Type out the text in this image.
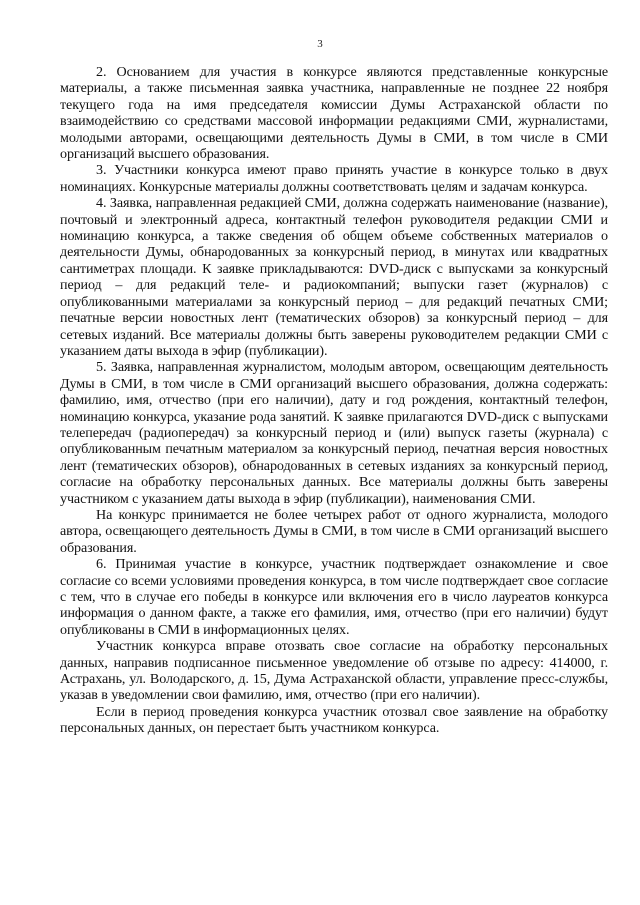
3

2. Основанием для участия в конкурсе являются представленные конкурсные материалы, а также письменная заявка участника, направленные не позднее 22 ноября текущего года на имя председателя комиссии Думы Астраханской области по взаимодействию со средствами массовой информации редакциями СМИ, журналистами, молодыми авторами, освещающими деятельность Думы в СМИ, в том числе в СМИ организаций высшего образования.

3. Участники конкурса имеют право принять участие в конкурсе только в двух номинациях. Конкурсные материалы должны соответствовать целям и задачам конкурса.

4. Заявка, направленная редакцией СМИ, должна содержать наименование (название), почтовый и электронный адреса, контактный телефон руководителя редакции СМИ и номинацию конкурса, а также сведения об общем объеме собственных материалов о деятельности Думы, обнародованных за конкурсный период, в минутах или квадратных сантиметрах площади. К заявке прикладываются: DVD-диск с выпусками за конкурсный период – для редакций теле- и радиокомпаний; выпуски газет (журналов) с опубликованными материалами за конкурсный период – для редакций печатных СМИ; печатные версии новостных лент (тематических обзоров) за конкурсный период – для сетевых изданий. Все материалы должны быть заверены руководителем редакции СМИ с указанием даты выхода в эфир (публикации).

5. Заявка, направленная журналистом, молодым автором, освещающим деятельность Думы в СМИ, в том числе в СМИ организаций высшего образования, должна содержать: фамилию, имя, отчество (при его наличии), дату и год рождения, контактный телефон, номинацию конкурса, указание рода занятий. К заявке прилагаются DVD-диск с выпусками телепередач (радиопередач) за конкурсный период и (или) выпуск газеты (журнала) с опубликованным печатным материалом за конкурсный период, печатная версия новостных лент (тематических обзоров), обнародованных в сетевых изданиях за конкурсный период, согласие на обработку персональных данных. Все материалы должны быть заверены участником с указанием даты выхода в эфир (публикации), наименования СМИ.

На конкурс принимается не более четырех работ от одного журналиста, молодого автора, освещающего деятельность Думы в СМИ, в том числе в СМИ организаций высшего образования.

6. Принимая участие в конкурсе, участник подтверждает ознакомление и свое согласие со всеми условиями проведения конкурса, в том числе подтверждает свое согласие с тем, что в случае его победы в конкурсе или включения его в число лауреатов конкурса информация о данном факте, а также его фамилия, имя, отчество (при его наличии) будут опубликованы в СМИ в информационных целях.

Участник конкурса вправе отозвать свое согласие на обработку персональных данных, направив подписанное письменное уведомление об отзыве по адресу: 414000, г. Астрахань, ул. Володарского, д. 15, Дума Астраханской области, управление пресс-службы, указав в уведомлении свои фамилию, имя, отчество (при его наличии).

Если в период проведения конкурса участник отозвал свое заявление на обработку персональных данных, он перестает быть участником конкурса.
